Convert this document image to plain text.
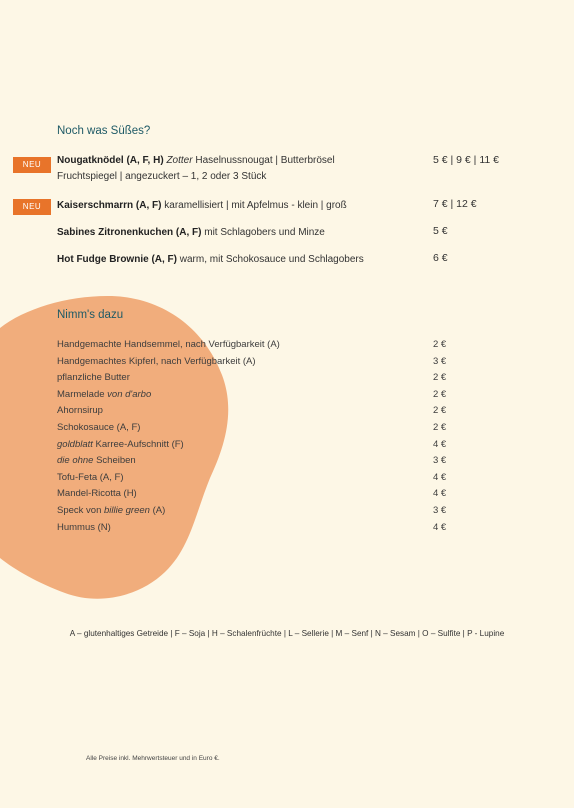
Noch was Süßes?
NEU	Nougatknödel (A, F, H) Zotter Haselnussnougat | Butterbrösel
Fruchtspiegel | angezuckert – 1, 2 oder 3 Stück
5 € | 9 € | 11 €
NEU	Kaiserschmarrn (A, F) karamellisiert | mit Apfelmus - klein | groß	7 € | 12 €
Sabines Zitronenkuchen (A, F) mit Schlagobers und Minze	5 €
Hot Fudge Brownie (A, F) warm, mit Schokosauce und Schlagobers	6 €
Nimm's dazu
Handgemachte Handsemmel, nach Verfügbarkeit (A)	2 €
Handgemachtes Kipferl, nach Verfügbarkeit (A)	3 €
pflanzliche Butter	2 €
Marmelade von d'arbo	2 €
Ahornsirup	2 €
Schokosauce (A, F)	2 €
goldblatt Karree-Aufschnitt (F)	4 €
die ohne Scheiben	3 €
Tofu-Feta (A, F)	4 €
Mandel-Ricotta (H)	4 €
Speck von billie green (A)	3 €
Hummus (N)	4 €
A – glutenhaltiges Getreide | F – Soja | H – Schalenfrüchte | L – Sellerie | M – Senf | N – Sesam | O – Sulfite | P - Lupine
Alle Preise inkl. Mehrwertsteuer und in Euro €.
